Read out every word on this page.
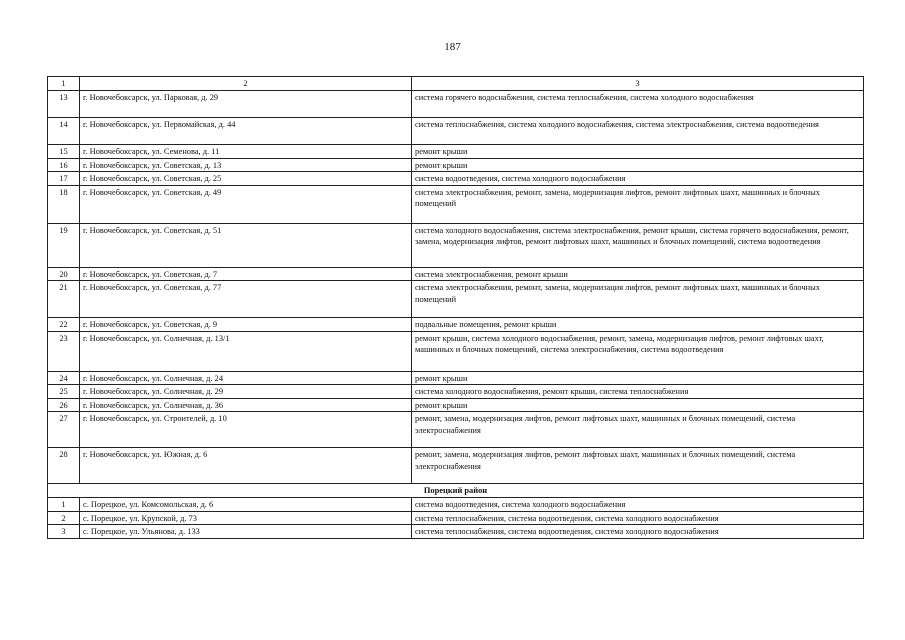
187
1	2	3
13	г. Новочебоксарск, ул. Парковая, д. 29	система горячего водоснабжения, система теплоснабжения, система холодного водоснабжения
14	г. Новочебоксарск, ул. Первомайская, д. 44	система теплоснабжения, система холодного водоснабжения, система электроснабжения, система водоотведения
15	г. Новочебоксарск, ул. Семенова, д. 11	ремонт крыши
16	г. Новочебоксарск, ул. Советская, д. 13	ремонт крыши
17	г. Новочебоксарск, ул. Советская, д. 25	система водоотведения, система холодного водоснабжения
18	г. Новочебоксарск, ул. Советская, д. 49	система электроснабжения, ремонт, замена, модернизация лифтов, ремонт лифтовых шахт, машинных и блочных помещений
19	г. Новочебоксарск, ул. Советская, д. 51	система холодного водоснабжения, система электроснабжения, ремонт крыши, система горячего водоснабжения, ремонт, замена, модернизация лифтов, ремонт лифтовых шахт, машинных и блочных помещений, система водоотведения
20	г. Новочебоксарск, ул. Советская, д. 7	система электроснабжения, ремонт крыши
21	г. Новочебоксарск, ул. Советская, д. 77	система электроснабжения, ремонт, замена, модернизация лифтов, ремонт лифтовых шахт, машинных и блочных помещений
22	г. Новочебоксарск, ул. Советская, д. 9	подвальные помещения, ремонт крыши
23	г. Новочебоксарск, ул. Солнечная, д. 13/1	ремонт крыши, система холодного водоснабжения, ремонт, замена, модернизация лифтов, ремонт лифтовых шахт, машинных и блочных помещений, система электроснабжения, система водоотведения
24	г. Новочебоксарск, ул. Солнечная, д. 24	ремонт крыши
25	г. Новочебоксарск, ул. Солнечная, д. 29	система холодного водоснабжения, ремонт крыши, система теплоснабжения
26	г. Новочебоксарск, ул. Солнечная, д. 36	ремонт крыши
27	г. Новочебоксарск, ул. Строителей, д. 10	ремонт, замена, модернизация лифтов, ремонт лифтовых шахт, машинных и блочных помещений, система электроснабжения
28	г. Новочебоксарск, ул. Южная, д. 6	ремонт, замена, модернизация лифтов, ремонт лифтовых шахт, машинных и блочных помещений, система электроснабжения
Порецкий район		
1	с. Порецкое, ул. Комсомольская, д. 6	система водоотведения, система холодного водоснабжения
2	с. Порецкое, ул. Крупской, д. 73	система теплоснабжения, система водоотведения, система холодного водоснабжения
3	с. Порецкое, ул. Ульянова, д. 133	система теплоснабжения, система водоотведения, система холодного водоснабжения
